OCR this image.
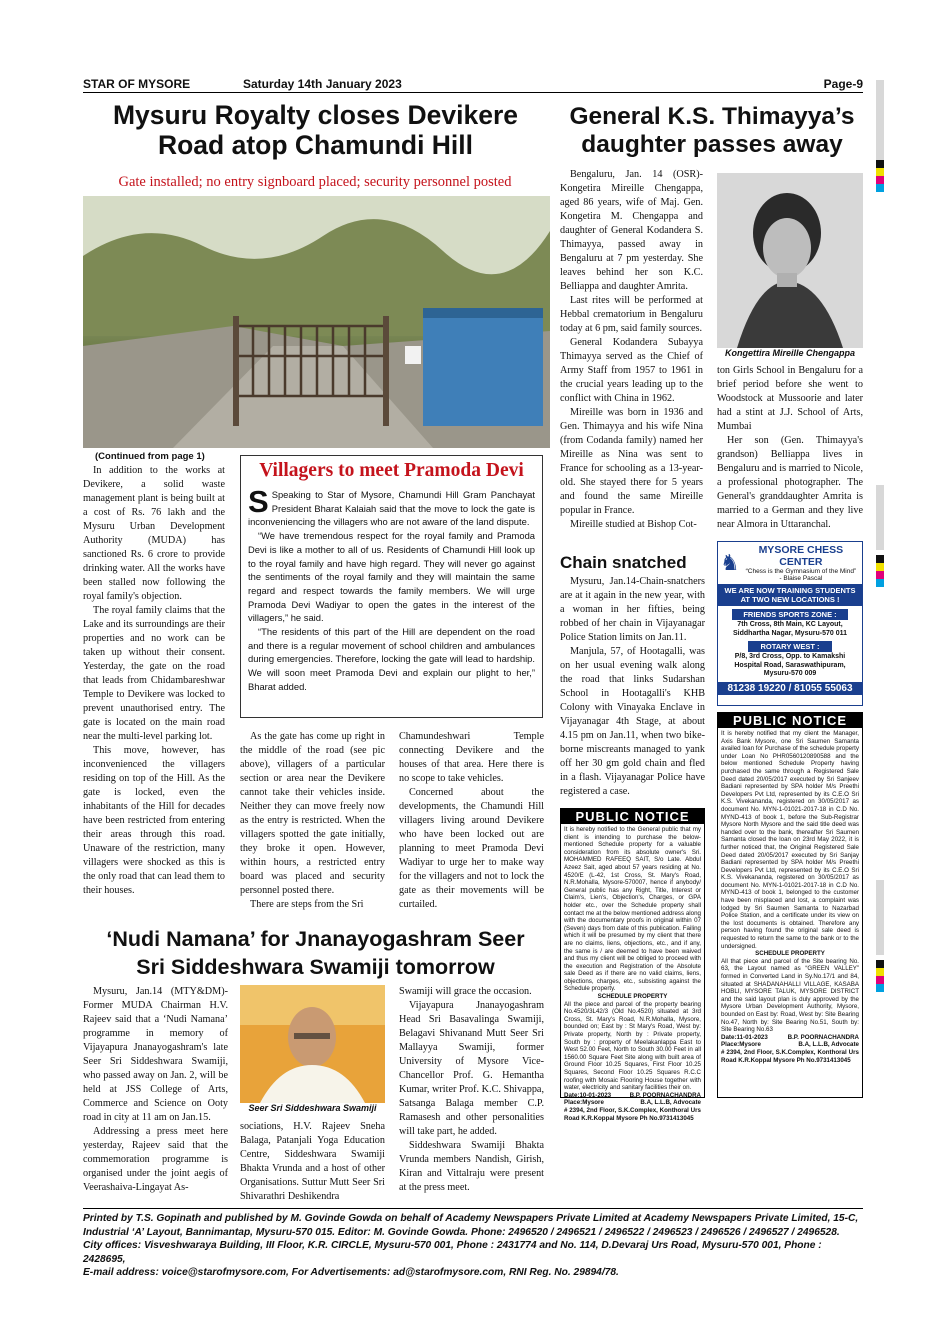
STAR OF MYSORE	Saturday 14th January 2023	Page-9
Mysuru Royalty closes Devikere
Road atop Chamundi Hill
Gate installed; no entry signboard placed; security personnel posted

(Continued from page 1)

In addition to the works at Devikere, a solid waste management plant is being built at a cost of Rs. 76 lakh and the Mysuru Urban Development Authority (MUDA) has sanctioned Rs. 6 crore to provide drinking water. All the works have been stalled now following the royal family's objection.

The royal family claims that the Lake and its surroundings are their properties and no work can be taken up without their consent. Yesterday, the gate on the road that leads from Chidambareshwar Temple to Devikere was locked to prevent unauthorised entry. The gate is located on the main road near the multi-level parking lot.

This move, however, has inconvenienced the villagers residing on top of the Hill. As the gate is locked, even the inhabitants of the Hill for decades have been restricted from entering their areas through this road. Unaware of the restriction, many villagers were shocked as this is the only road that can lead them to their houses.

Villagers to meet Pramoda Devi

S Speaking to Star of Mysore, Chamundi Hill Gram Panchayat President Bharat Kalaiah said that the move to lock the gate is inconveniencing the villagers who are not aware of the land dispute.

“We have tremendous respect for the royal family and Pramoda Devi is like a mother to all of us. Residents of Chamundi Hill look up to the royal family and have high regard. They will never go against the sentiments of the royal family and they will maintain the same regard and respect towards the family members. We will urge Pramoda Devi Wadiyar to open the gates in the interest of the villagers,” he said.

“The residents of this part of the Hill are dependent on the road and there is a regular movement of school children and ambulances during emergencies. Therefore, locking the gate will lead to hardship. We will soon meet Pramoda Devi and explain our plight to her,” Bharat added.

As the gate has come up right in the middle of the road (see pic above), villagers of a particular section or area near the Devikere cannot take their vehicles inside. Neither they can move freely now as the entry is restricted. When the villagers spotted the gate initially, they broke it open. However, within hours, a restricted entry board was placed and security personnel posted there.

There are steps from the Sri

Chamundeshwari Temple connecting Devikere and the houses of that area. Here there is no scope to take vehicles.

Concerned about the developments, the Chamundi Hill villagers living around Devikere who have been locked out are planning to meet Pramoda Devi Wadiyar to urge her to make way for the villagers and not to lock the gate as their movements will be curtailed.

General K.S. Thimayya’s
daughter passes away

Bengaluru, Jan. 14 (OSR)- Kongetira Mireille Chengappa, aged 86 years, wife of Maj. Gen. Kongetira M. Chengappa and daughter of General Kodandera S. Thimayya, passed away in Bengaluru at 7 pm yesterday. She leaves behind her son K.C. Belliappa and daughter Amrita.

Last rites will be performed at Hebbal crematorium in Bengaluru today at 6 pm, said family sources.

General Kodandera Subayya Thimayya served as the Chief of Army Staff from 1957 to 1961 in the crucial years leading up to the conflict with China in 1962.

Mireille was born in 1936 and Gen. Thimayya and his wife Nina (from Codanda family) named her Mireille as Nina was sent to France for schooling as a 13-year-old. She stayed there for 5 years and found the same Mireille popular in France.

Mireille studied at Bishop Cot-

Kongettira Mireille Chengappa

ton Girls School in Bengaluru for a brief period before she went to Woodstock at Mussoorie and later had a stint at J.J. School of Arts, Mumbai

Her son (Gen. Thimayya's grandson) Belliappa lives in Bengaluru and is married to Nicole, a professional photographer. The General's granddaughter Amrita is married to a German and they live near Almora in Uttaranchal.

Chain snatched

Mysuru, Jan.14-Chain-snatchers are at it again in the new year, with a woman in her fifties, being robbed of her chain in Vijayanagar Police Station limits on Jan.11.

Manjula, 57, of Hootagalli, was on her usual evening walk along the road that links Sudarshan School in Hootagalli's KHB Colony with Vinayaka Enclave in Vijayanagar 4th Stage, at about 4.15 pm on Jan.11, when two bike-borne miscreants managed to yank off her 30 gm gold chain and fled in a flash. Vijayanagar Police have registered a case.

♞	MYSORE CHESS CENTER
“Chess is the Gymnasium of the Mind”
- Blaise Pascal
WE ARE NOW TRAINING STUDENTS AT TWO NEW LOCATIONS !
FRIENDS SPORTS ZONE :
7th Cross, 8th Main, KC Layout, Siddhartha Nagar, Mysuru-570 011
ROTARY WEST :
P/8, 3rd Cross, Opp. to Kamakshi Hospital Road, Saraswathipuram, Mysuru-570 009
81238 19220 / 81055 55063
PUBLIC NOTICE
It is hereby notified to the General public that my client is intending to purchase the below-mentioned Schedule property for a valuable consideration from its absolute owner's Sri. MOHAMMED RAFEEQ SAIT, S/o Late. Abdul Azeez Sait, aged about 57 years residing at No. 4520/E (L-42, 1st Cross, St. Mary's Road, N.R.Mohalla, Mysore-570007, hence if anybody/ General public has any Right, Title, Interest or Claim's, Lien's, Objection's, Charges, or GPA holder etc., over the Schedule property shall contact me at the below mentioned address along with the documentary proofs in original within 07 (Seven) days from date of this publication. Failing which it will be presumed by my client that there are no claims, liens, objections, etc., and if any, the same is / are deemed to have been waived and thus my client will be obliged to proceed with the execution and Registration of the Absolute sale Deed as if there are no valid claims, liens, objections, charges, etc., subsisting against the Schedule property.
SCHEDULE PROPERTY
All the piece and parcel of the property bearing No.4520/3L42/3 (Old No.4520) situated at 3rd Cross, St. Mary's Road, N.R.Mohalla, Mysore, bounded on; East by : St Mary's Road, West by: Private property, North by : Private property, South by : property of Meelakanlappa East to West 52.00 Feet, North to South 30.00 Feet in all 1560.00 Square Feet Site along with built area of Ground Floor 10.25 Squares, First Floor 10.25 Squares, Second Floor 10.25 Squares R.C.C roofing with Mosaic Flooring House together with water, electricity and sanitary facilities their on.
Date:10-01-2023
Place:Mysore
B.P. POORNACHANDRA
B.A, L.L.B, Advocate
# 2394, 2nd Floor, S.K.Complex, Konthoral Urs Road K.R.Koppal Mysore Ph No.9731413045
PUBLIC NOTICE
It is hereby notified that my client the Manager, Axis Bank Mysore, one Sri Saumen Samanta availed loan for Purchase of the schedule property under Loan No PHR0560120890588 and the below mentioned Schedule Property having purchased the same through a Registered Sale Deed dated 20/05/2017 executed by Sri Sanjeev Badiani represented by SPA holder M/s Preethi Developers Pvt Ltd, represented by its C.E.O Sri K.S. Vivekananda, registered on 30/05/2017 as document No. MYN-1-01021-2017-18 in C.D No. MYND-413 of book 1, before the Sub-Registrar Mysore North Mysore and the said title deed was handed over to the bank, thereafter Sri Saumen Samanta closed the loan on 23rd May 2022, it is further noticed that, the Original Registered Sale Deed dated 20/05/2017 executed by Sri Sanjay Badiani represented by SPA holder M/s Preethi Developers Pvt Ltd, represented by its C.E.O Sri K.S. Vivekananda, registered on 30/05/2017 as document No. MYN-1-01021-2017-18 in C.D No. MYND-413 of book 1, belonged to the customer have been misplaced and lost, a complaint was lodged by Sri Saumen Samanta to Nazarbad Police Station, and a certificate under its view on the lost documents is obtained. Therefore any person having found the original sale deed is requested to return the same to the bank or to the undersigned.
SCHEDULE PROPERTY
All that piece and parcel of the Site bearing No. 63, the Layout named as “GREEN VALLEY” formed in Converted Land in Sy.No.17/1 and 84, situated at SHADANAHALLI VILLAGE, KASABA HOBLI, MYSORE TALUK, MYSORE DISTRICT and the said layout plan is duly approved by the Mysore Urban Development Authority, Mysore, bounded on East by: Road, West by: Site Bearing No.47, North by: Site Bearing No.51, South by: Site Bearing No.63
Date:11-01-2023
Place:Mysore
B.P. POORNACHANDRA
B.A, L.L.B, Advocate
# 2394, 2nd Floor, S.K.Complex, Konthoral Urs Road K.R.Koppal Mysore Ph No.9731413045
‘Nudi Namana’ for Jnanayogashram Seer
Sri Siddeshwara Swamiji tomorrow

Mysuru, Jan.14 (MTY&DM)- Former MUDA Chairman H.V. Rajeev said that a ‘Nudi Namana’ programme in memory of Vijayapura Jnanayogashram's late Seer Sri Siddeshwara Swamiji, who passed away on Jan. 2, will be held at JSS College of Arts, Commerce and Science on Ooty road in city at 11 am on Jan.15.

Addressing a press meet here yesterday, Rajeev said that the commemoration programme is organised under the joint aegis of Veerashaiva-Lingayat As-

Seer Sri Siddeshwara Swamiji

sociations, H.V. Rajeev Sneha Balaga, Patanjali Yoga Education Centre, Siddeshwara Swamiji Bhakta Vrunda and a host of other Organisations. Suttur Mutt Seer Sri Shivarathri Deshikendra

Swamiji will grace the occasion.

Vijayapura Jnanayogashram Head Sri Basavalinga Swamiji, Belagavi Shivanand Mutt Seer Sri Mallayya Swamiji, former University of Mysore Vice-Chancellor Prof. G. Hemantha Kumar, writer Prof. K.C. Shivappa, Satsanga Balaga member C.P. Ramasesh and other personalities will take part, he added.

Siddeshwara Swamiji Bhakta Vrunda members Nandish, Girish, Kiran and Vittalraju were present at the press meet.

Printed by T.S. Gopinath and published by M. Govinde Gowda on behalf of Academy Newspapers Private Limited at Academy Newspapers Private Limited, 15-C,
Industrial ‘A’ Layout, Bannimantap, Mysuru-570 015. Editor: M. Govinde Gowda. Phone: 2496520 / 2496521 / 2496522 / 2496523 / 2496526 / 2496527 / 2496528.
City offices: Visveshwaraya Building, III Floor, K.R. CIRCLE, Mysuru-570 001, Phone : 2431774 and No. 114, D.Devaraj Urs Road, Mysuru-570 001, Phone : 2428695,
E-mail address: voice@starofmysore.com, For Advertisements: ad@starofmysore.com, RNI Reg. No. 29894/78.
